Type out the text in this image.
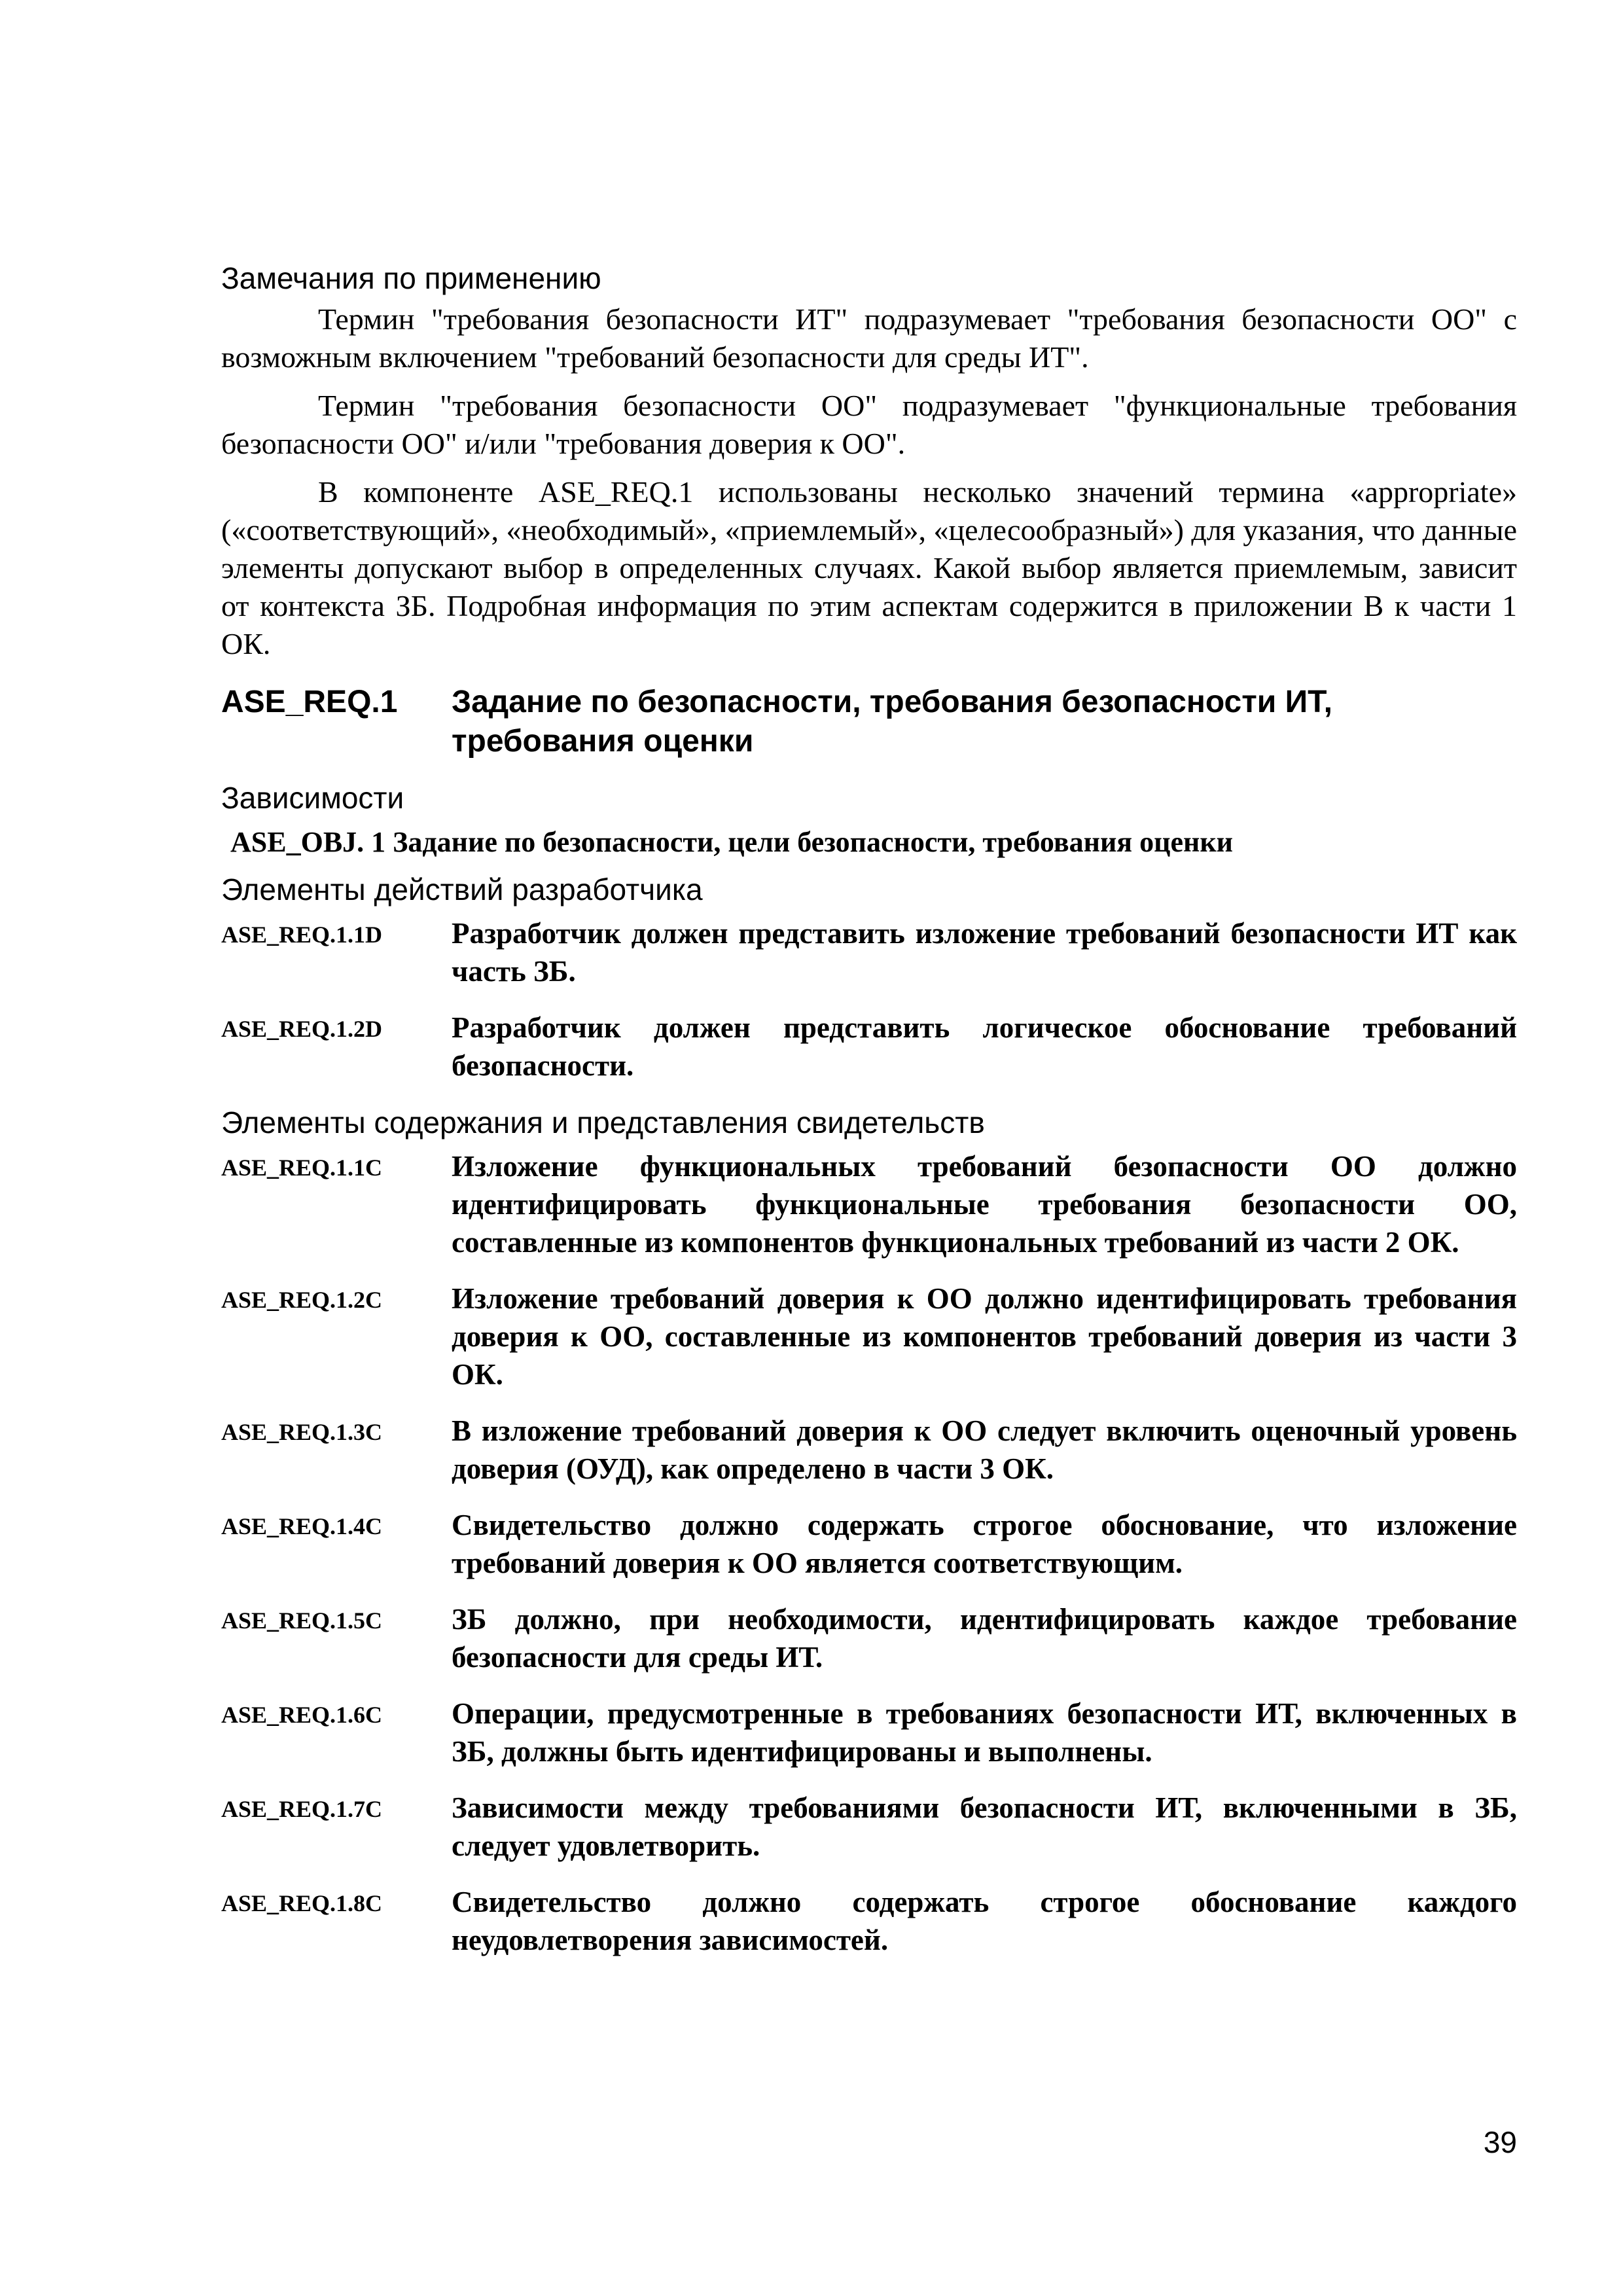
Замечания по применению

Термин "требования безопасности ИТ" подразумевает "требования безопасности ОО" с возможным включением "требований безопасности для среды ИТ".

Термин "требования безопасности ОО" подразумевает "функциональные требования безопасности ОО" и/или "требования доверия к ОО".

В компоненте ASE_REQ.1 использованы несколько значений термина «apprоpriate» («соответствующий», «необходимый», «приемлемый», «целесообразный») для указания, что данные элементы допускают выбор в определенных случаях. Какой выбор является приемлемым, зависит от контекста ЗБ. Подробная информация по этим аспектам содержится в приложении В к части 1 ОК.

ASE_REQ.1	Задание по безопасности, требования безопасности ИТ, требования оценки
Зависимости
ASE_OBJ. 1 Задание по безопасности, цели безопасности, требования оценки
Элементы действий разработчика
ASE_REQ.1.1D	Разработчик должен представить изложение требований безопасности ИТ как часть ЗБ.
ASE_REQ.1.2D	Разработчик должен представить логическое обоснование требований безопасности.
Элементы содержания и представления свидетельств
ASE_REQ.1.1C	Изложение функциональных требований безопасности ОО должно идентифицировать функциональные требования безопасности ОО, составленные из компонентов функциональных требований из части 2 ОК.
ASE_REQ.1.2C	Изложение требований доверия к ОО должно идентифицировать требования доверия к ОО, составленные из компонентов требований доверия из части 3 ОК.
ASE_REQ.1.3C	В изложение требований доверия к ОО следует включить оценочный уровень доверия (ОУД), как определено в части 3 ОК.
ASE_REQ.1.4C	Свидетельство должно содержать строгое обоснование, что изложение требований доверия к ОО является соответствующим.
ASE_REQ.1.5C	ЗБ должно, при необходимости, идентифицировать каждое требование безопасности для среды ИТ.
ASE_REQ.1.6C	Операции, предусмотренные в требованиях безопасности ИТ, включенных в ЗБ, должны быть идентифицированы и выполнены.
ASE_REQ.1.7C	Зависимости между требованиями безопасности ИТ, включенными в ЗБ, следует удовлетворить.
ASE_REQ.1.8C	Свидетельство должно содержать строгое обоснование каждого неудовлетворения зависимостей.
39
